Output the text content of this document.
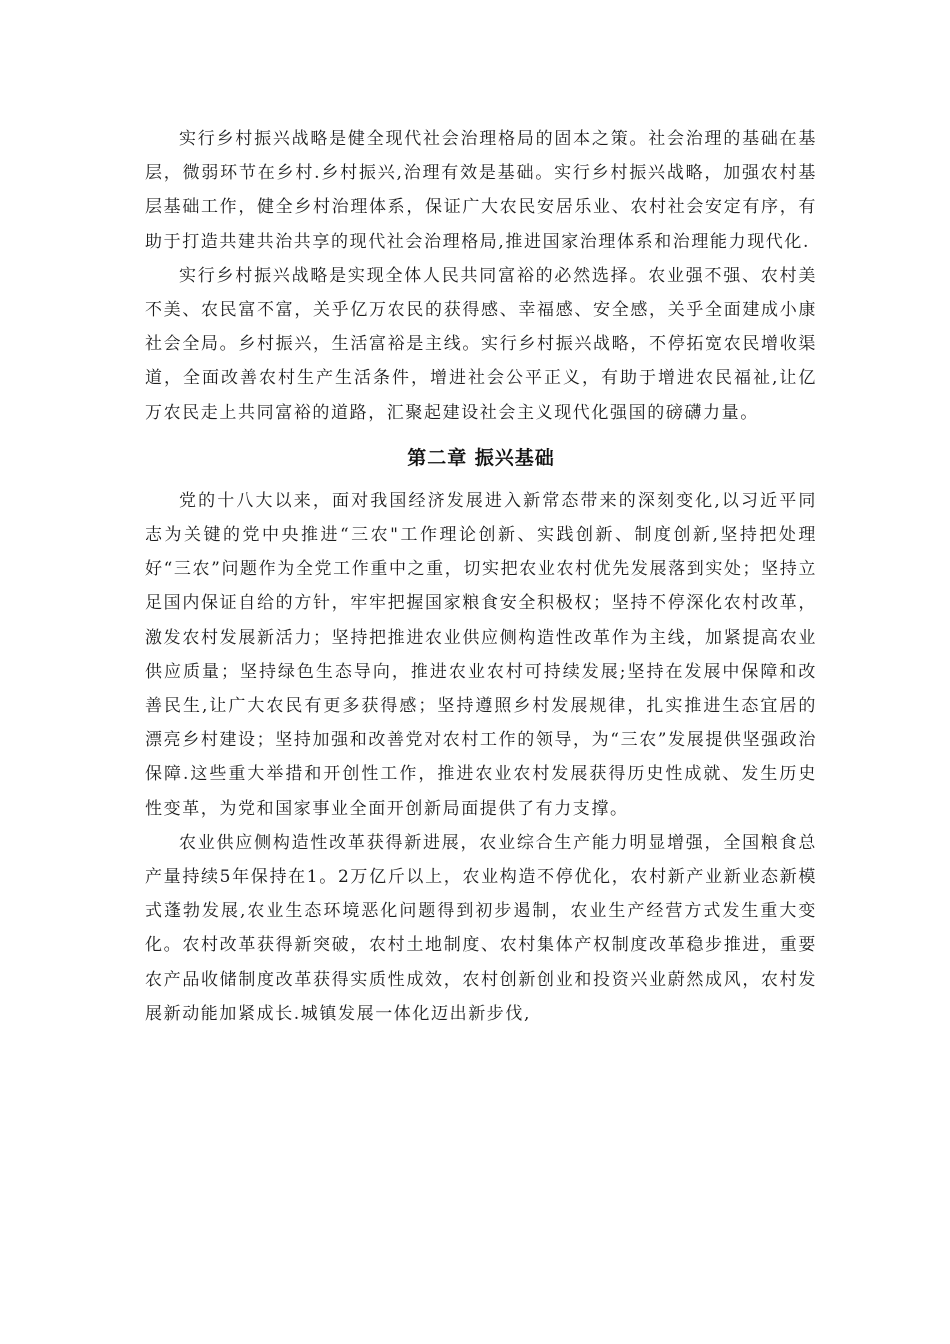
实行乡村振兴战略是健全现代社会治理格局的固本之策。社会治理的基础在基层，微弱环节在乡村.乡村振兴,治理有效是基础。实行乡村振兴战略，加强农村基层基础工作，健全乡村治理体系，保证广大农民安居乐业、农村社会安定有序，有助于打造共建共治共享的现代社会治理格局,推进国家治理体系和治理能力现代化.

实行乡村振兴战略是实现全体人民共同富裕的必然选择。农业强不强、农村美不美、农民富不富，关乎亿万农民的获得感、幸福感、安全感，关乎全面建成小康社会全局。乡村振兴，生活富裕是主线。实行乡村振兴战略，不停拓宽农民增收渠道，全面改善农村生产生活条件，增进社会公平正义，有助于增进农民福祉,让亿万农民走上共同富裕的道路，汇聚起建设社会主义现代化强国的磅礴力量。

第二章 振兴基础

党的十八大以来，面对我国经济发展进入新常态带来的深刻变化,以习近平同志为关键的党中央推进“三农"工作理论创新、实践创新、制度创新,坚持把处理好“三农”问题作为全党工作重中之重，切实把农业农村优先发展落到实处；坚持立足国内保证自给的方针，牢牢把握国家粮食安全积极权；坚持不停深化农村改革，激发农村发展新活力；坚持把推进农业供应侧构造性改革作为主线，加紧提高农业供应质量；坚持绿色生态导向，推进农业农村可持续发展;坚持在发展中保障和改善民生,让广大农民有更多获得感；坚持遵照乡村发展规律，扎实推进生态宜居的漂亮乡村建设；坚持加强和改善党对农村工作的领导，为“三农”发展提供坚强政治保障.这些重大举措和开创性工作，推进农业农村发展获得历史性成就、发生历史性变革，为党和国家事业全面开创新局面提供了有力支撑。

农业供应侧构造性改革获得新进展，农业综合生产能力明显增强，全国粮食总产量持续5年保持在1。2万亿斤以上，农业构造不停优化，农村新产业新业态新模式蓬勃发展,农业生态环境恶化问题得到初步遏制，农业生产经营方式发生重大变化。农村改革获得新突破，农村土地制度、农村集体产权制度改革稳步推进，重要农产品收储制度改革获得实质性成效，农村创新创业和投资兴业蔚然成风，农村发展新动能加紧成长.城镇发展一体化迈出新步伐,
